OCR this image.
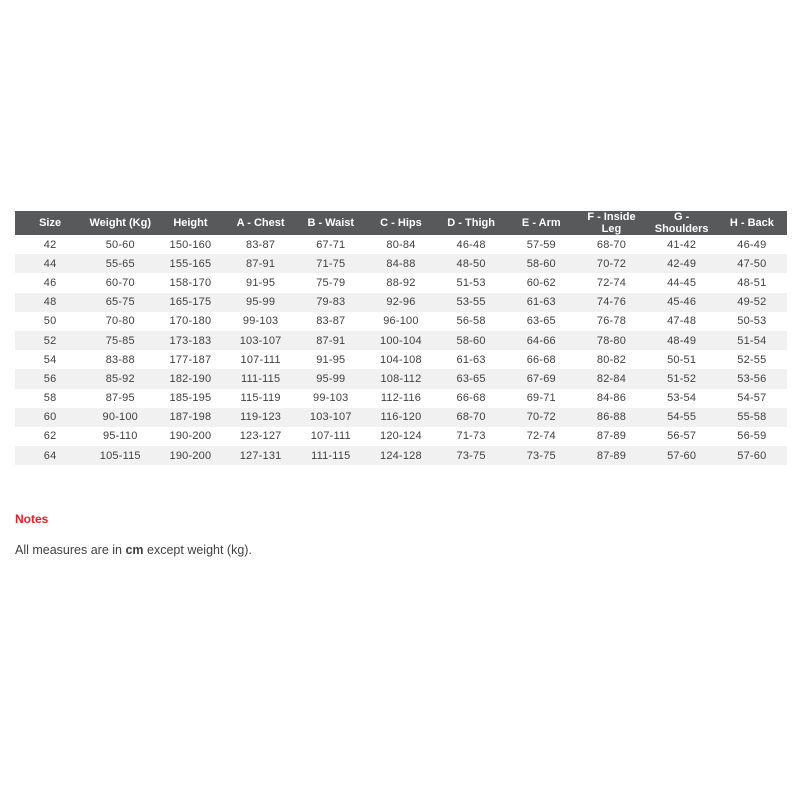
Size	Weight (Kg)	Height	A - Chest	B - Waist	C - Hips	D - Thigh	E - Arm	F - Inside Leg	G - Shoulders	H - Back
42	50-60	150-160	83-87	67-71	80-84	46-48	57-59	68-70	41-42	46-49
44	55-65	155-165	87-91	71-75	84-88	48-50	58-60	70-72	42-49	47-50
46	60-70	158-170	91-95	75-79	88-92	51-53	60-62	72-74	44-45	48-51
48	65-75	165-175	95-99	79-83	92-96	53-55	61-63	74-76	45-46	49-52
50	70-80	170-180	99-103	83-87	96-100	56-58	63-65	76-78	47-48	50-53
52	75-85	173-183	103-107	87-91	100-104	58-60	64-66	78-80	48-49	51-54
54	83-88	177-187	107-111	91-95	104-108	61-63	66-68	80-82	50-51	52-55
56	85-92	182-190	111-115	95-99	108-112	63-65	67-69	82-84	51-52	53-56
58	87-95	185-195	115-119	99-103	112-116	66-68	69-71	84-86	53-54	54-57
60	90-100	187-198	119-123	103-107	116-120	68-70	70-72	86-88	54-55	55-58
62	95-110	190-200	123-127	107-111	120-124	71-73	72-74	87-89	56-57	56-59
64	105-115	190-200	127-131	111-115	124-128	73-75	73-75	87-89	57-60	57-60

Notes

All measures are in cm except weight (kg).
